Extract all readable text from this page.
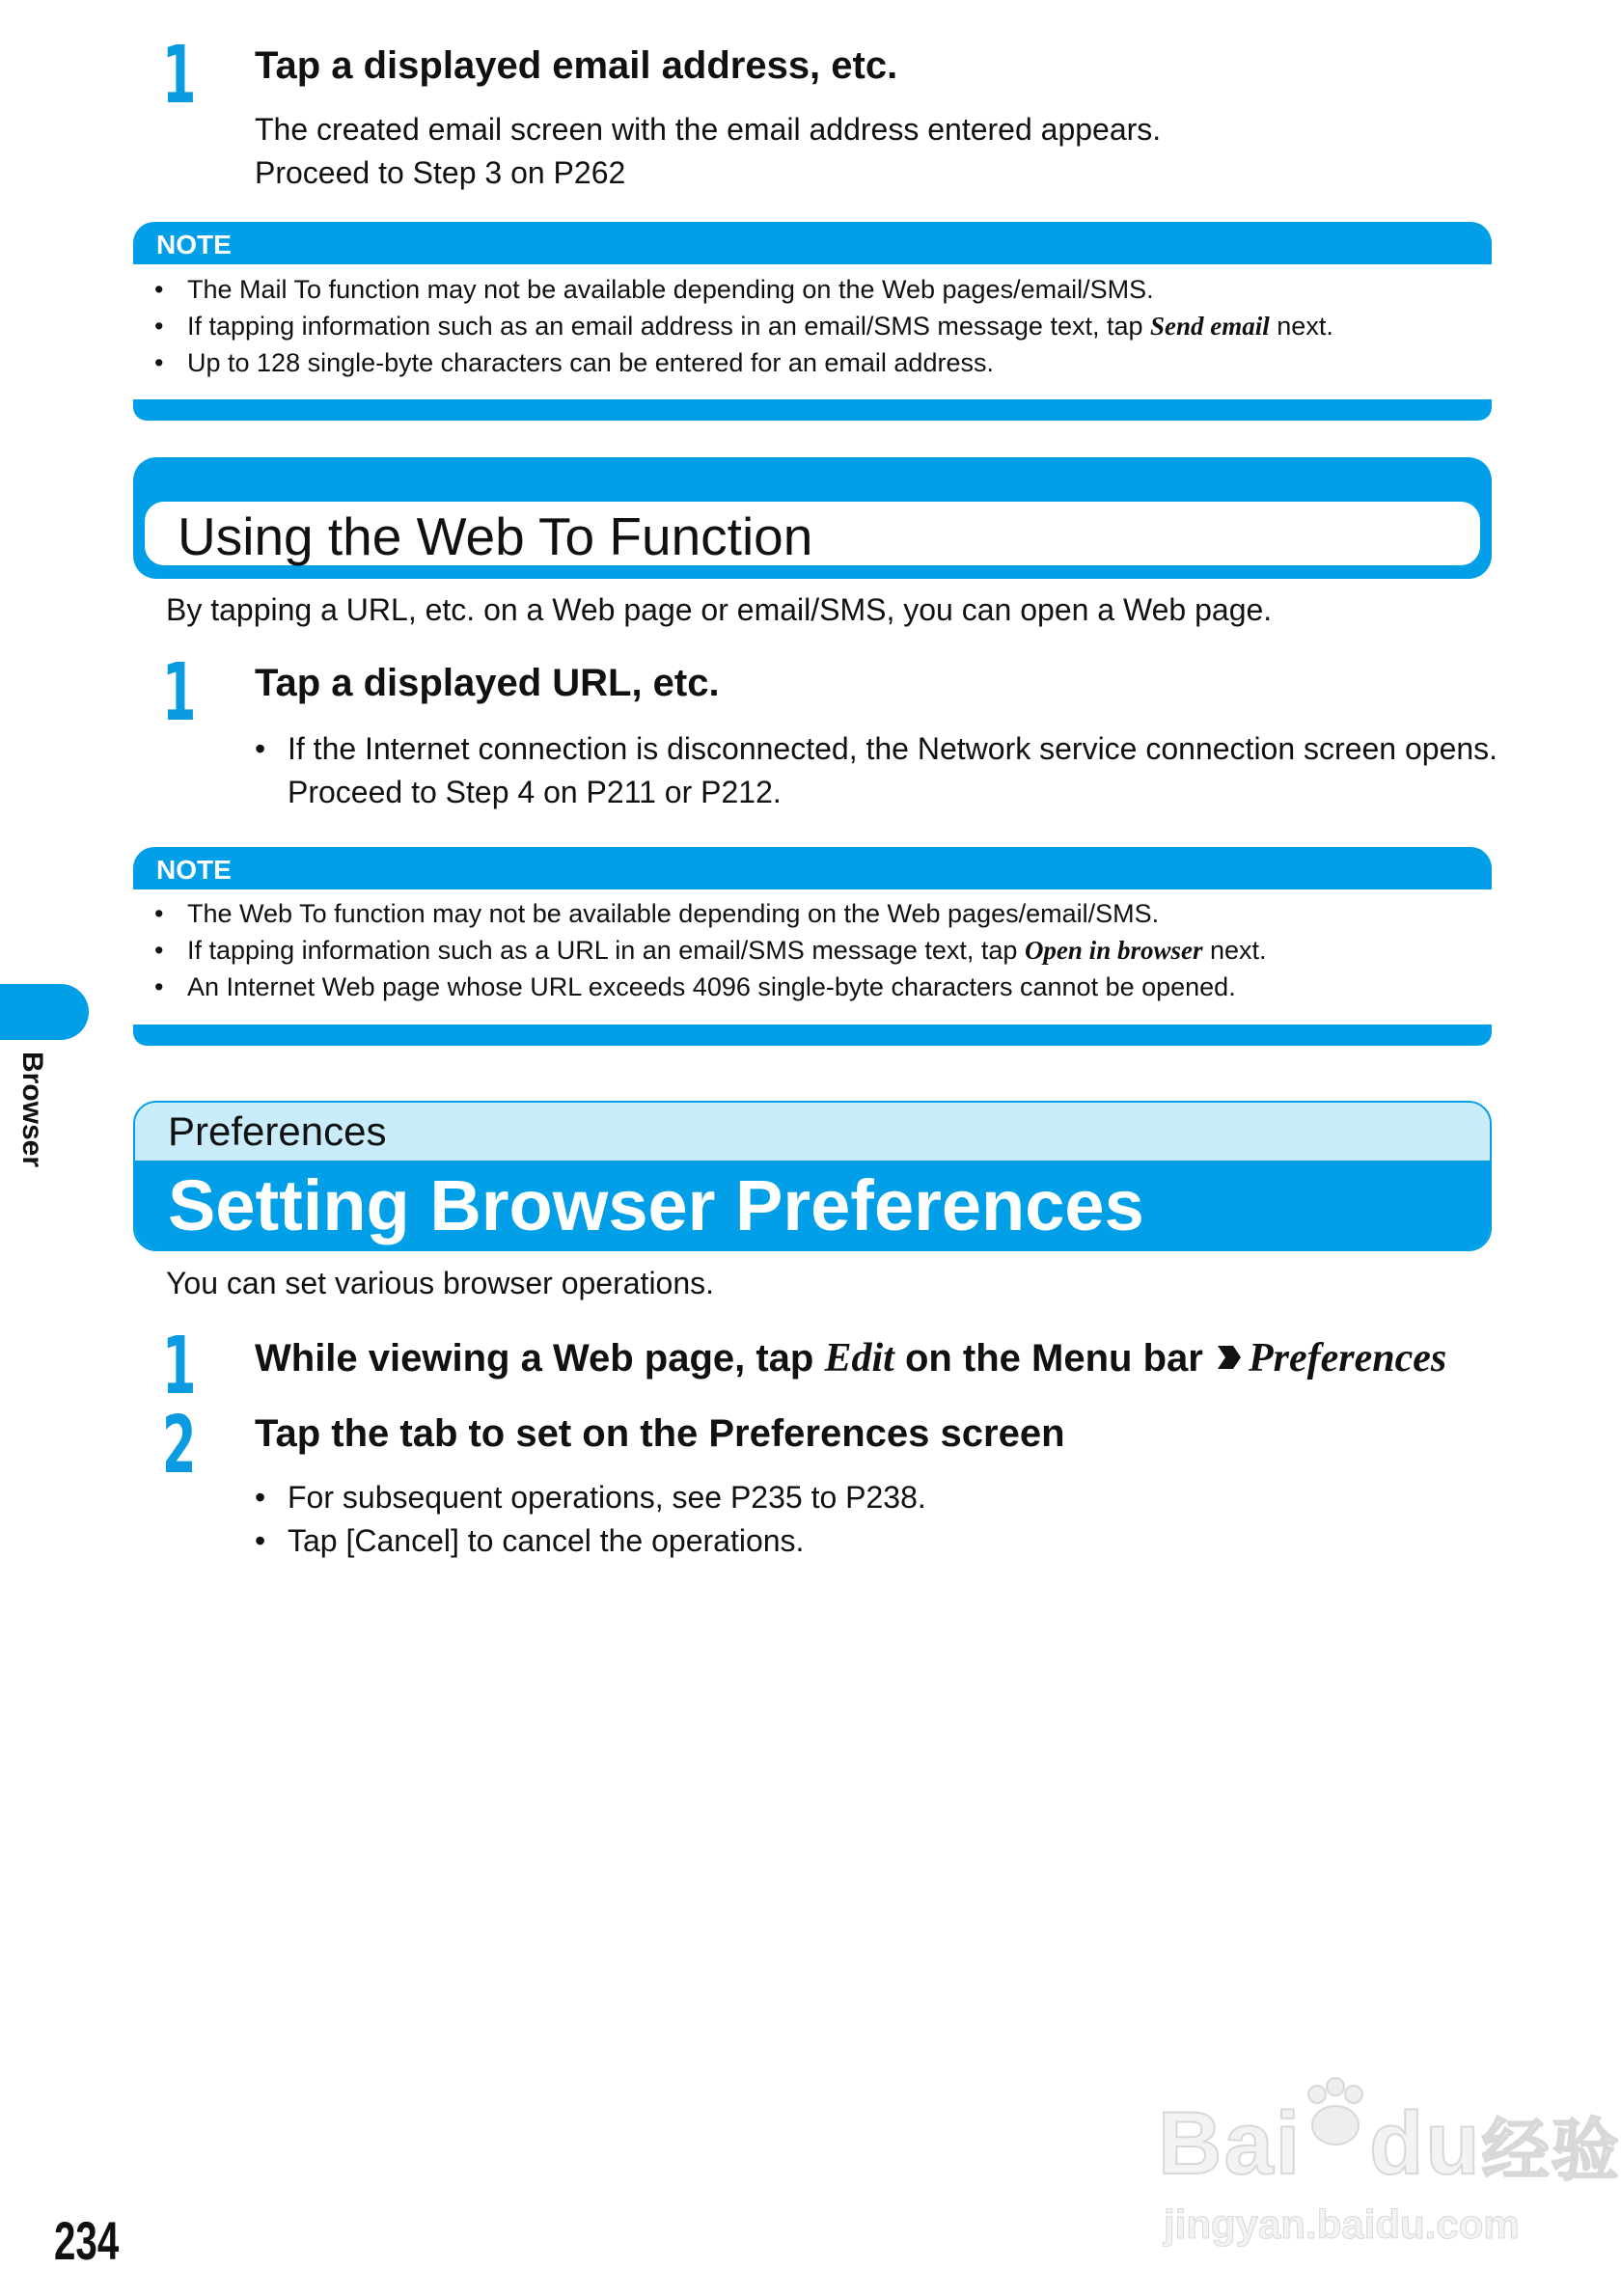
1 Tap a displayed email address, etc.
The created email screen with the email address entered appears.
Proceed to Step 3 on P262
NOTE
• The Mail To function may not be available depending on the Web pages/email/SMS.
• If tapping information such as an email address in an email/SMS message text, tap Send email next.
• Up to 128 single-byte characters can be entered for an email address.
Using the Web To Function
By tapping a URL, etc. on a Web page or email/SMS, you can open a Web page.
1 Tap a displayed URL, etc.
• If the Internet connection is disconnected, the Network service connection screen opens.
Proceed to Step 4 on P211 or P212.
NOTE
• The Web To function may not be available depending on the Web pages/email/SMS.
• If tapping information such as a URL in an email/SMS message text, tap Open in browser next.
• An Internet Web page whose URL exceeds 4096 single-byte characters cannot be opened.
Browser	Preferences
Setting Browser Preferences
You can set various browser operations.
1 While viewing a Web page, tap Edit on the Menu bar Preferences
2 Tap the tab to set on the Preferences screen
• For subsequent operations, see P235 to P238.
• Tap [Cancel] to cancel the operations.
234
Bai du经验
jingyan.baidu.com
